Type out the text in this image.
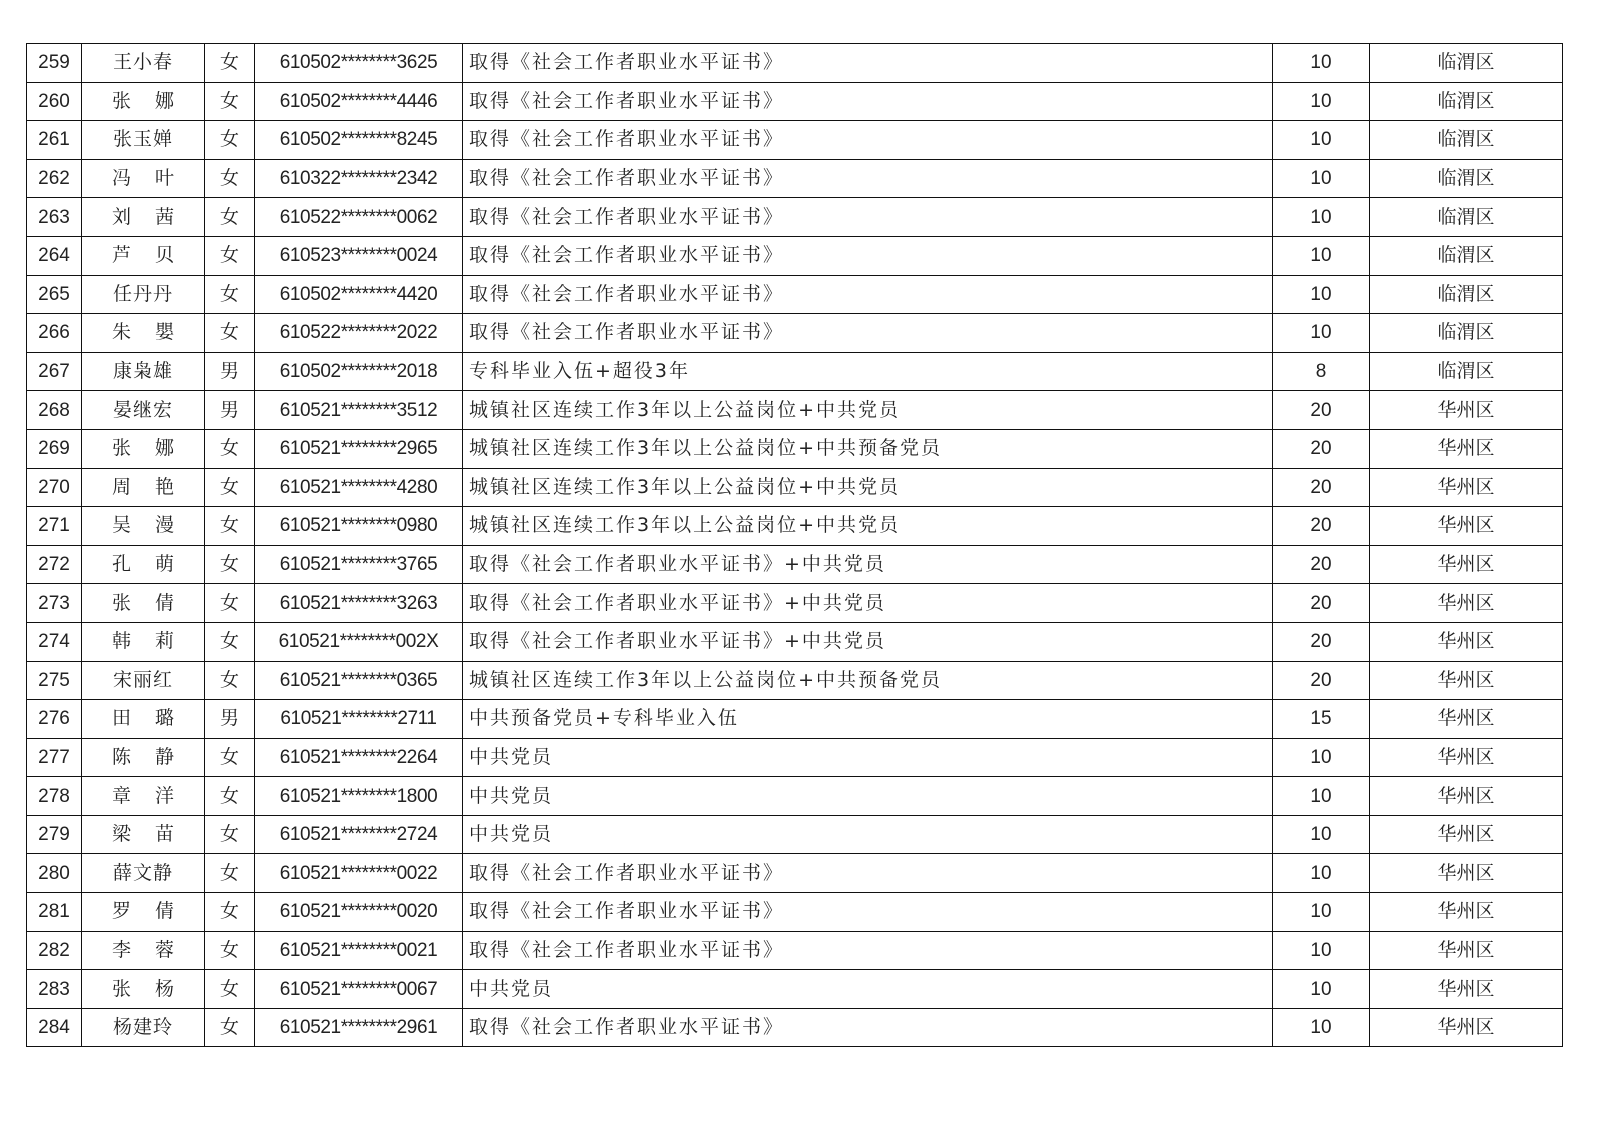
259	王小春	女	610502********3625	取得《社会工作者职业水平证书》	10	临渭区
260	张娜	女	610502********4446	取得《社会工作者职业水平证书》	10	临渭区
261	张玉婵	女	610502********8245	取得《社会工作者职业水平证书》	10	临渭区
262	冯叶	女	610322********2342	取得《社会工作者职业水平证书》	10	临渭区
263	刘茜	女	610522********0062	取得《社会工作者职业水平证书》	10	临渭区
264	芦贝	女	610523********0024	取得《社会工作者职业水平证书》	10	临渭区
265	任丹丹	女	610502********4420	取得《社会工作者职业水平证书》	10	临渭区
266	朱嬰	女	610522********2022	取得《社会工作者职业水平证书》	10	临渭区
267	康枭雄	男	610502********2018	专科毕业入伍+超役3年	8	临渭区
268	晏继宏	男	610521********3512	城镇社区连续工作3年以上公益岗位+中共党员	20	华州区
269	张娜	女	610521********2965	城镇社区连续工作3年以上公益岗位+中共预备党员	20	华州区
270	周艳	女	610521********4280	城镇社区连续工作3年以上公益岗位+中共党员	20	华州区
271	吴漫	女	610521********0980	城镇社区连续工作3年以上公益岗位+中共党员	20	华州区
272	孔萌	女	610521********3765	取得《社会工作者职业水平证书》+中共党员	20	华州区
273	张倩	女	610521********3263	取得《社会工作者职业水平证书》+中共党员	20	华州区
274	韩莉	女	610521********002X	取得《社会工作者职业水平证书》+中共党员	20	华州区
275	宋丽红	女	610521********0365	城镇社区连续工作3年以上公益岗位+中共预备党员	20	华州区
276	田璐	男	610521********2711	中共预备党员+专科毕业入伍	15	华州区
277	陈静	女	610521********2264	中共党员	10	华州区
278	章洋	女	610521********1800	中共党员	10	华州区
279	梁苗	女	610521********2724	中共党员	10	华州区
280	薛文静	女	610521********0022	取得《社会工作者职业水平证书》	10	华州区
281	罗倩	女	610521********0020	取得《社会工作者职业水平证书》	10	华州区
282	李蓉	女	610521********0021	取得《社会工作者职业水平证书》	10	华州区
283	张杨	女	610521********0067	中共党员	10	华州区
284	杨建玲	女	610521********2961	取得《社会工作者职业水平证书》	10	华州区
